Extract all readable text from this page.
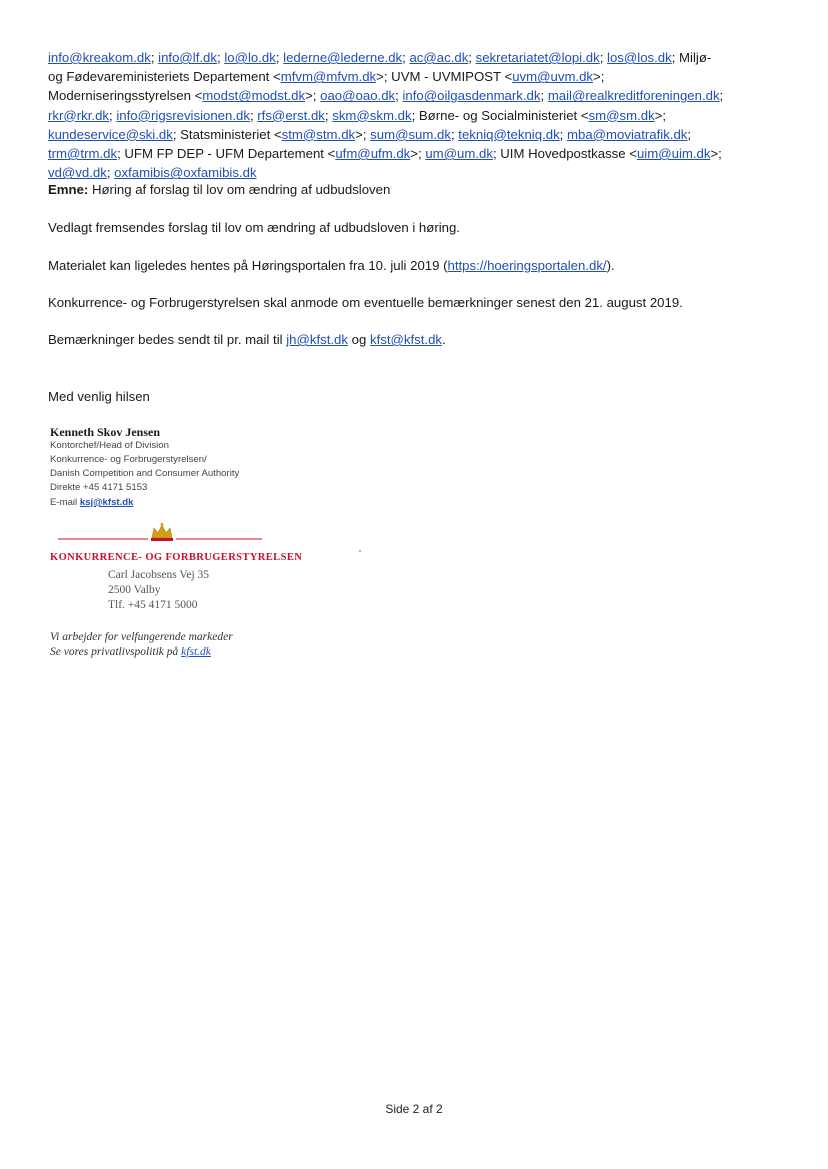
info@kreakom.dk; info@lf.dk; lo@lo.dk; lederne@lederne.dk; ac@ac.dk; sekretariatet@lopi.dk; los@los.dk; Miljø-
og Fødevareministeriets Departement <mfvm@mfvm.dk>; UVM - UVMIPOST <uvm@uvm.dk>;
Moderniseringsstyrelsen <modst@modst.dk>; oao@oao.dk; info@oilgasdenmark.dk; mail@realkreditforeningen.dk;
rkr@rkr.dk; info@rigsrevisionen.dk; rfs@erst.dk; skm@skm.dk; Børne- og Socialministeriet <sm@sm.dk>;
kundeservice@ski.dk; Statsministeriet <stm@stm.dk>; sum@sum.dk; tekniq@tekniq.dk; mba@moviatrafik.dk;
trm@trm.dk; UFM FP DEP - UFM Departement <ufm@ufm.dk>; um@um.dk; UIM Hovedpostkasse <uim@uim.dk>;
vd@vd.dk; oxfamibis@oxfamibis.dk
Emne: Høring af forslag til lov om ændring af udbudsloven
Vedlagt fremsendes forslag til lov om ændring af udbudsloven i høring.
Materialet kan ligeledes hentes på Høringsportalen fra 10. juli 2019 (https://hoeringsportalen.dk/).
Konkurrence- og Forbrugerstyrelsen skal anmode om eventuelle bemærkninger senest den 21. august 2019.
Bemærkninger bedes sendt til pr. mail til jh@kfst.dk og kfst@kfst.dk.
Med venlig hilsen
Kenneth Skov Jensen
Kontorchef/Head of Division
Konkurrence- og Forbrugerstyrelsen/
Danish Competition and Consumer Authority
Direkte +45 4171 5153
E-mail ksj@kfst.dk
KONKURRENCE- OG FORBRUGERSTYRELSEN
Carl Jacobsens Vej 35
2500 Valby
Tlf. +45 4171 5000
Vi arbejder for velfungerende markeder
Se vores privatlivspolitik på kfst.dk
Side 2 af 2
